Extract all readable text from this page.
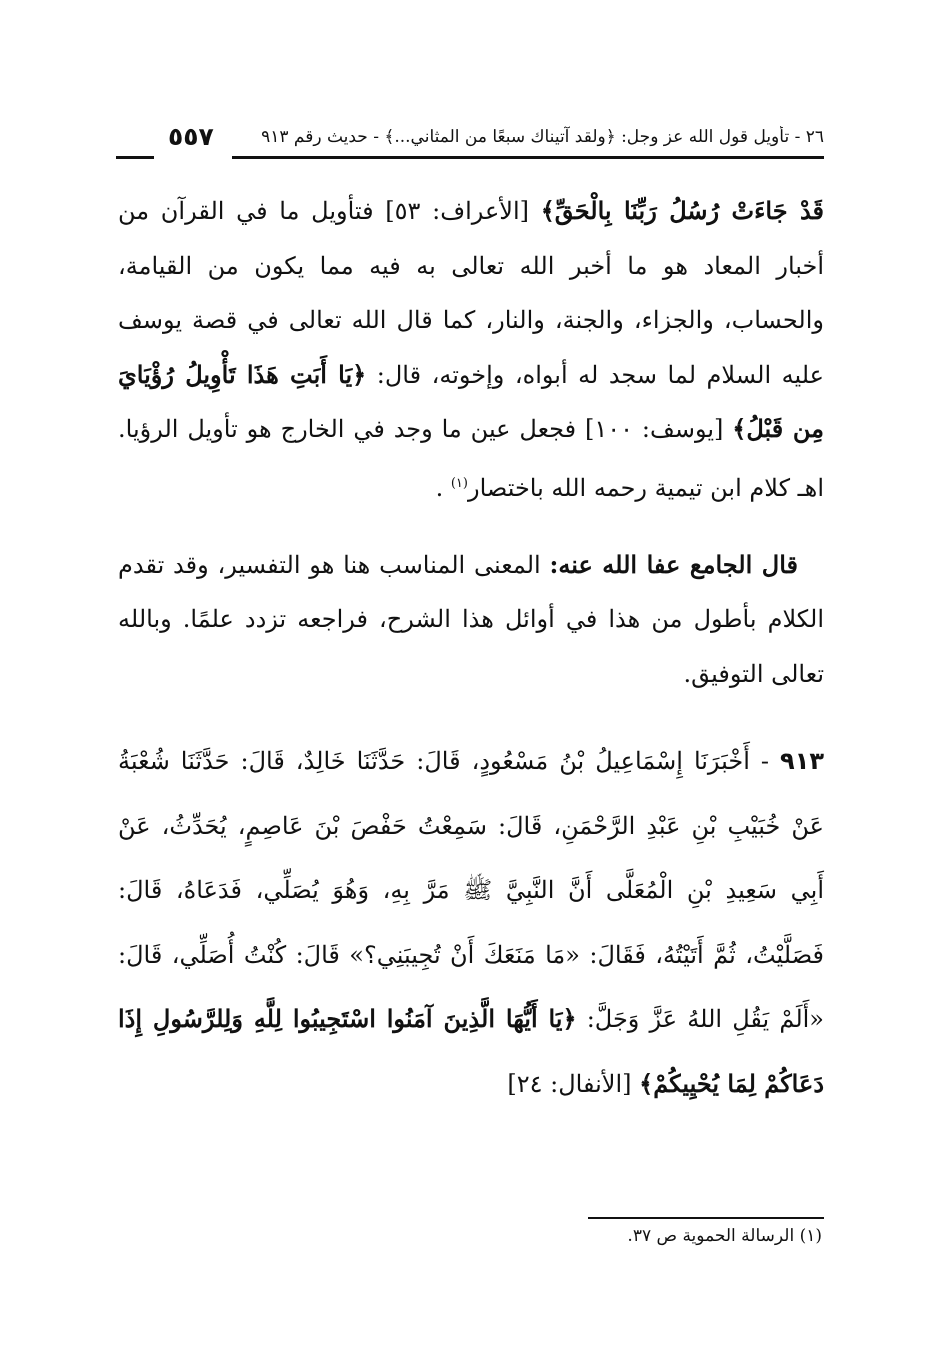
٥٥٧	٢٦ - تأويل قول الله عز وجل: ﴿ولقد آتيناك سبعًا من المثاني...﴾ - حديث رقم ٩١٣

قَدْ جَاءَتْ رُسُلُ رَبِّنَا بِالْحَقِّ﴾ [الأعراف: ٥٣] فتأويل ما في القرآن من أخبار المعاد هو ما أخبر الله تعالى به فيه مما يكون من القيامة، والحساب، والجزاء، والجنة، والنار، كما قال الله تعالى في قصة يوسف عليه السلام لما سجد له أبواه، وإخوته، قال: ﴿يَا أَبَتِ هَذَا تَأْوِيلُ رُؤْيَايَ مِن قَبْلُ﴾ [يوسف: ١٠٠] فجعل عين ما وجد في الخارج هو تأويل الرؤيا. اهـ كلام ابن تيمية رحمه الله باختصار$^{(١)}$ .

قال الجامع عفا الله عنه: المعنى المناسب هنا هو التفسير، وقد تقدم الكلام بأطول من هذا في أوائل هذا الشرح، فراجعه تزدد علمًا. وبالله تعالى التوفيق.

٩١٣ - أَخْبَرَنَا إِسْمَاعِيلُ بْنُ مَسْعُودٍ، قَالَ: حَدَّثَنَا خَالِدٌ، قَالَ: حَدَّثَنَا شُعْبَةُ عَنْ خُبَيْبِ بْنِ عَبْدِ الرَّحْمَنِ، قَالَ: سَمِعْتُ حَفْصَ بْنَ عَاصِمٍ، يُحَدِّثُ، عَنْ أَبِي سَعِيدِ بْنِ الْمُعَلَّى أَنَّ النَّبِيَّ ﷺ مَرَّ بِهِ، وَهُوَ يُصَلِّي، فَدَعَاهُ، قَالَ: فَصَلَّيْتُ، ثُمَّ أَتَيْتُهُ، فَقَالَ: «مَا مَنَعَكَ أَنْ تُجِيبَنِي؟» قَالَ: كُنْتُ أُصَلِّي، قَالَ: «أَلَمْ يَقُلِ اللهُ عَزَّ وَجَلَّ: ﴿يَا أَيُّهَا الَّذِينَ آمَنُوا اسْتَجِيبُوا لِلَّهِ وَلِلرَّسُولِ إِذَا دَعَاكُمْ لِمَا يُحْيِيكُمْ﴾ [الأنفال: ٢٤]

(١) الرسالة الحموية ص ٣٧.
